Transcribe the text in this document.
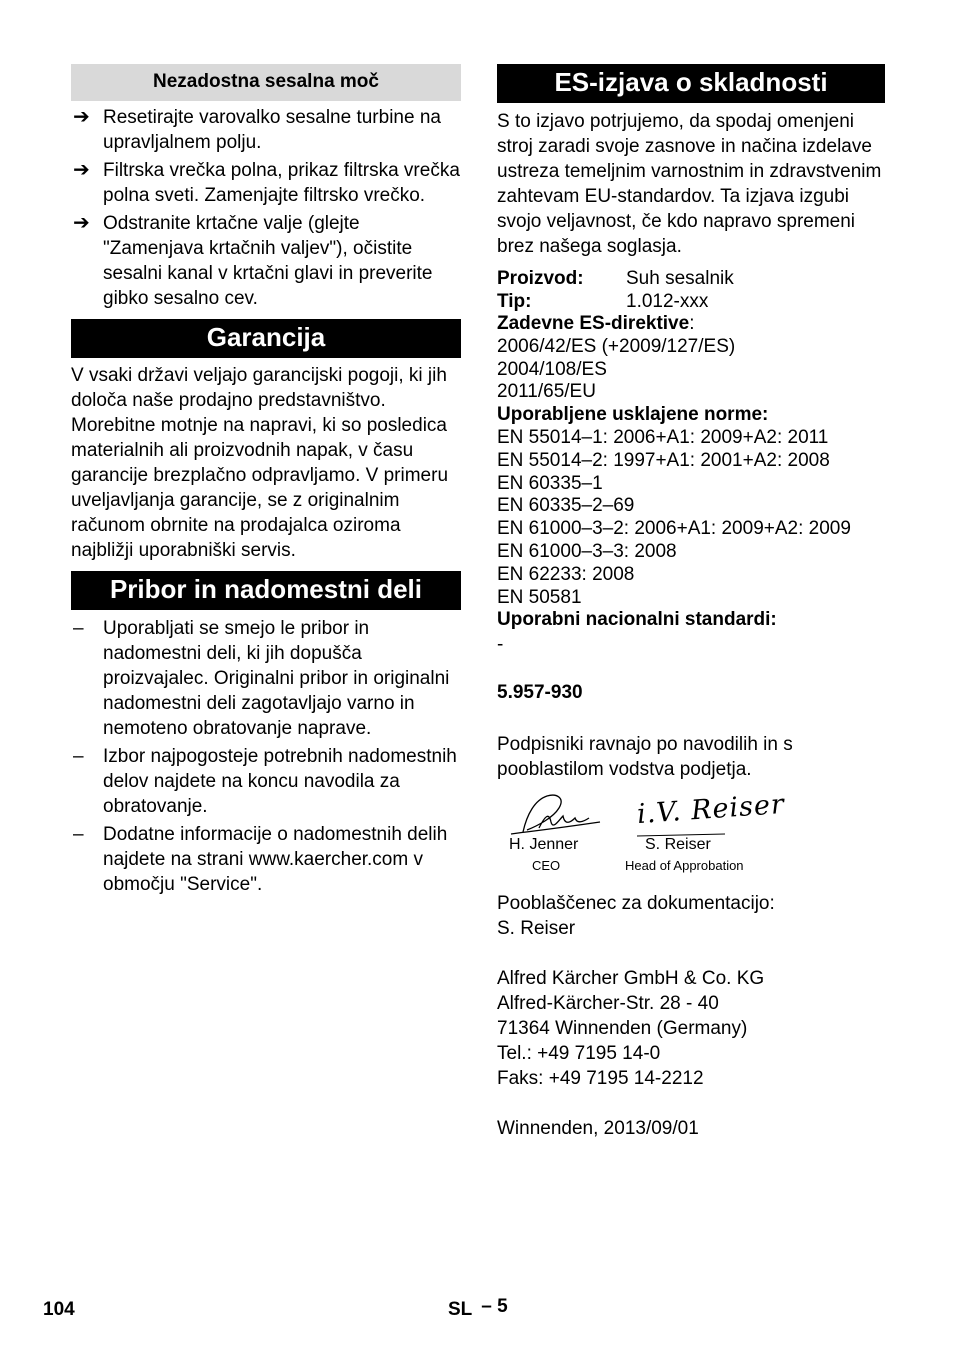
Nezadostna sesalna moč
➔ Resetirajte varovalko sesalne turbine na upravljalnem polju.
➔ Filtrska vrečka polna, prikaz filtrska vrečka polna sveti. Zamenjajte filtrsko vrečko.
➔ Odstranite krtačne valje (glejte "Zamenjava krtačnih valjev"), očistite sesalni kanal v krtačni glavi in preverite gibko sesalno cev.
Garancija

V vsaki državi veljajo garancijski pogoji, ki jih določa naše prodajno predstavništvo. Morebitne motnje na napravi, ki so posledica materialnih ali proizvodnih napak, v času garancije brezplačno odpravljamo. V primeru uveljavljanja garancije, se z originalnim računom obrnite na prodajalca oziroma najbližji uporabniški servis.

Pribor in nadomestni deli
– Uporabljati se smejo le pribor in nadomestni deli, ki jih dopušča proizvajalec. Originalni pribor in originalni nadomestni deli zagotavljajo varno in nemoteno obratovanje naprave.
– Izbor najpogosteje potrebnih nadomestnih delov najdete na koncu navodila za obratovanje.
– Dodatne informacije o nadomestnih delih najdete na strani www.kaercher.com v območju "Service".
ES-izjava o skladnosti

S to izjavo potrjujemo, da spodaj omenjeni stroj zaradi svoje zasnove in načina izdelave ustreza temeljnim varnostnim in zdravstvenim zahtevam EU-standardov. Ta izjava izgubi svojo veljavnost, če kdo napravo spremeni brez našega soglasja.

Proizvod:	Suh sesalnik
Tip:	1.012-xxx
Zadevne ES-direktive:
2006/42/ES (+2009/127/ES)
2004/108/ES
2011/65/EU
Uporabljene usklajene norme:
EN 55014–1: 2006+A1: 2009+A2: 2011
EN 55014–2: 1997+A1: 2001+A2: 2008
EN 60335–1
EN 60335–2–69
EN 61000–3–2: 2006+A1: 2009+A2: 2009
EN 61000–3–3: 2008
EN 62233: 2008
EN 50581
Uporabni nacionalni standardi:
-
5.957-930

Podpisniki ravnajo po navodilih in s pooblastilom vodstva podjetja.

i.V. Reiser
H. Jenner
CEO
S. Reiser
Head of Approbation

Pooblaščenec za dokumentacijo:

S. Reiser

Alfred Kärcher GmbH & Co. KG

Alfred-Kärcher-Str. 28 - 40

71364 Winnenden (Germany)

Tel.: +49 7195 14-0

Faks: +49 7195 14-2212

Winnenden, 2013/09/01

104	SL – 5
